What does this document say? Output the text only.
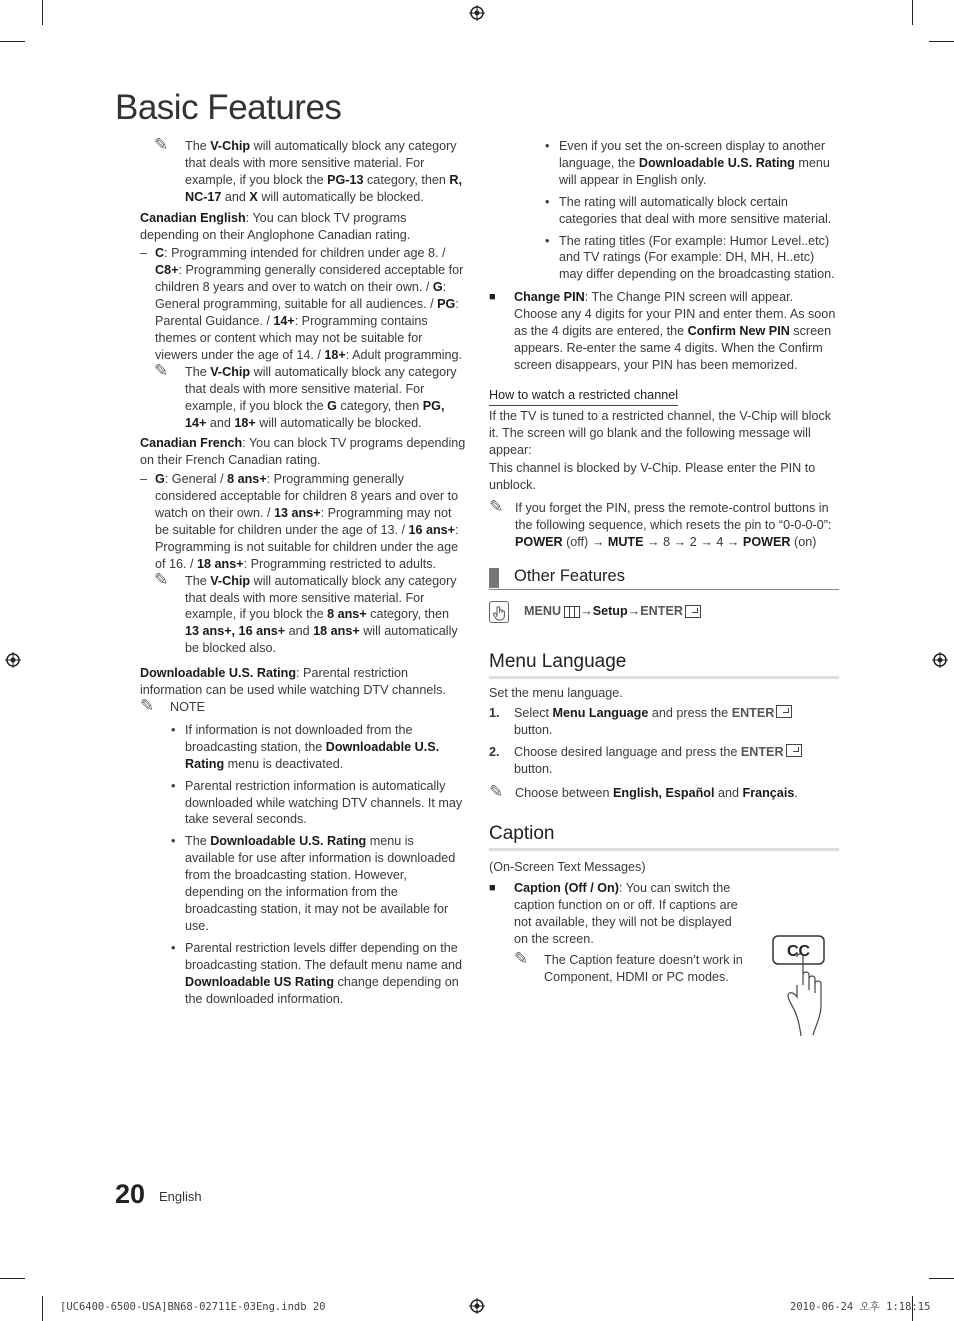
Basic Features
✎ The V-Chip will automatically block any category that deals with more sensitive material. For example, if you block the PG-13 category, then R, NC-17 and X will automatically be blocked.

Canadian English: You can block TV programs depending on their Anglophone Canadian rating.

– C: Programming intended for children under age 8. / C8+: Programming generally considered acceptable for children 8 years and over to watch on their own. / G: General programming, suitable for all audiences. / PG: Parental Guidance. / 14+: Programming contains themes or content which may not be suitable for viewers under the age of 14. / 18+: Adult programming.
✎ The V-Chip will automatically block any category that deals with more sensitive material. For example, if you block the G category, then PG, 14+ and 18+ will automatically be blocked.

Canadian French: You can block TV programs depending on their French Canadian rating.

– G: General / 8 ans+: Programming generally considered acceptable for children 8 years and over to watch on their own. / 13 ans+: Programming may not be suitable for children under the age of 13. / 16 ans+: Programming is not suitable for children under the age of 16. / 18 ans+: Programming restricted to adults.
✎ The V-Chip will automatically block any category that deals with more sensitive material. For example, if you block the 8 ans+ category, then 13 ans+, 16 ans+ and 18 ans+ will automatically be blocked also.

Downloadable U.S. Rating: Parental restriction information can be used while watching DTV channels.

✎ NOTE
• If information is not downloaded from the broadcasting station, the Downloadable U.S. Rating menu is deactivated.
• Parental restriction information is automatically downloaded while watching DTV channels. It may take several seconds.
• The Downloadable U.S. Rating menu is available for use after information is downloaded from the broadcasting station. However, depending on the information from the broadcasting station, it may not be available for use.
• Parental restriction levels differ depending on the broadcasting station. The default menu name and Downloadable US Rating change depending on the downloaded information.
• Even if you set the on-screen display to another language, the Downloadable U.S. Rating menu will appear in English only.
• The rating will automatically block certain categories that deal with more sensitive material.
• The rating titles (For example: Humor Level..etc) and TV ratings (For example: DH, MH, H..etc) may differ depending on the broadcasting station.
■ Change PIN: The Change PIN screen will appear. Choose any 4 digits for your PIN and enter them. As soon as the 4 digits are entered, the Confirm New PIN screen appears. Re-enter the same 4 digits. When the Confirm screen disappears, your PIN has been memorized.
How to watch a restricted channel

If the TV is tuned to a restricted channel, the V-Chip will block it. The screen will go blank and the following message will appear:

This channel is blocked by V-Chip. Please enter the PIN to unblock.

✎ If you forget the PIN, press the remote-control buttons in the following sequence, which resets the pin to “0-0-0-0”: POWER (off) → MUTE → 8 → 2 → 4 → POWER (on)
Other Features
MENU → Setup → ENTER
Menu Language

Set the menu language.

1. Select Menu Language and press the ENTER
button.
2. Choose desired language and press the ENTER
button.
✎ Choose between English, Español and Français.
Caption

(On-Screen Text Messages)

■ Caption (Off / On): You can switch the caption function on or off. If captions are not available, they will not be displayed on the screen.
✎ The Caption feature doesn’t work in Component, HDMI or PC modes.
CC
20 English
[UC6400-6500-USA]BN68-02711E-03Eng.indb 20	2010-06-24 오후 1:18:15
